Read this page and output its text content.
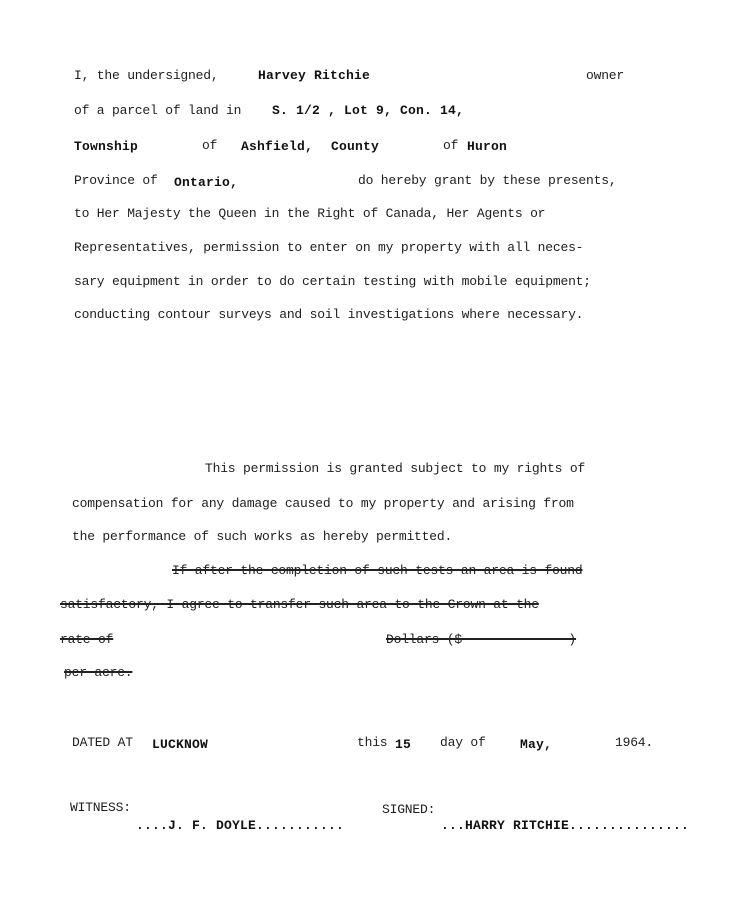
I, the undersigned,	Harvey Ritchie	owner
of a parcel of land in S. 1/2 , Lot 9, Con. 14,
Township	of Ashfield, County	of Huron
Province of Ontario,	do hereby grant by these presents,
to Her Majesty the Queen in the Right of Canada, Her Agents or
Representatives, permission to enter on my property with all neces-
sary equipment in order to do certain testing with mobile equipment;
conducting contour surveys and soil investigations where necessary.
This permission is granted subject to my rights of
compensation for any damage caused to my property and arising from
the performance of such works as hereby permitted.
If after the completion of such tests an area is found
satisfactory, I agree to transfer such area to the Crown at the
rate of	Dollars ($              )
per acre.
DATED AT LUCKNOW	this 15 day of	May,	1964.
WITNESS:
....J. F. DOYLE...........
SIGNED:
...HARRY RITCHIE...............
